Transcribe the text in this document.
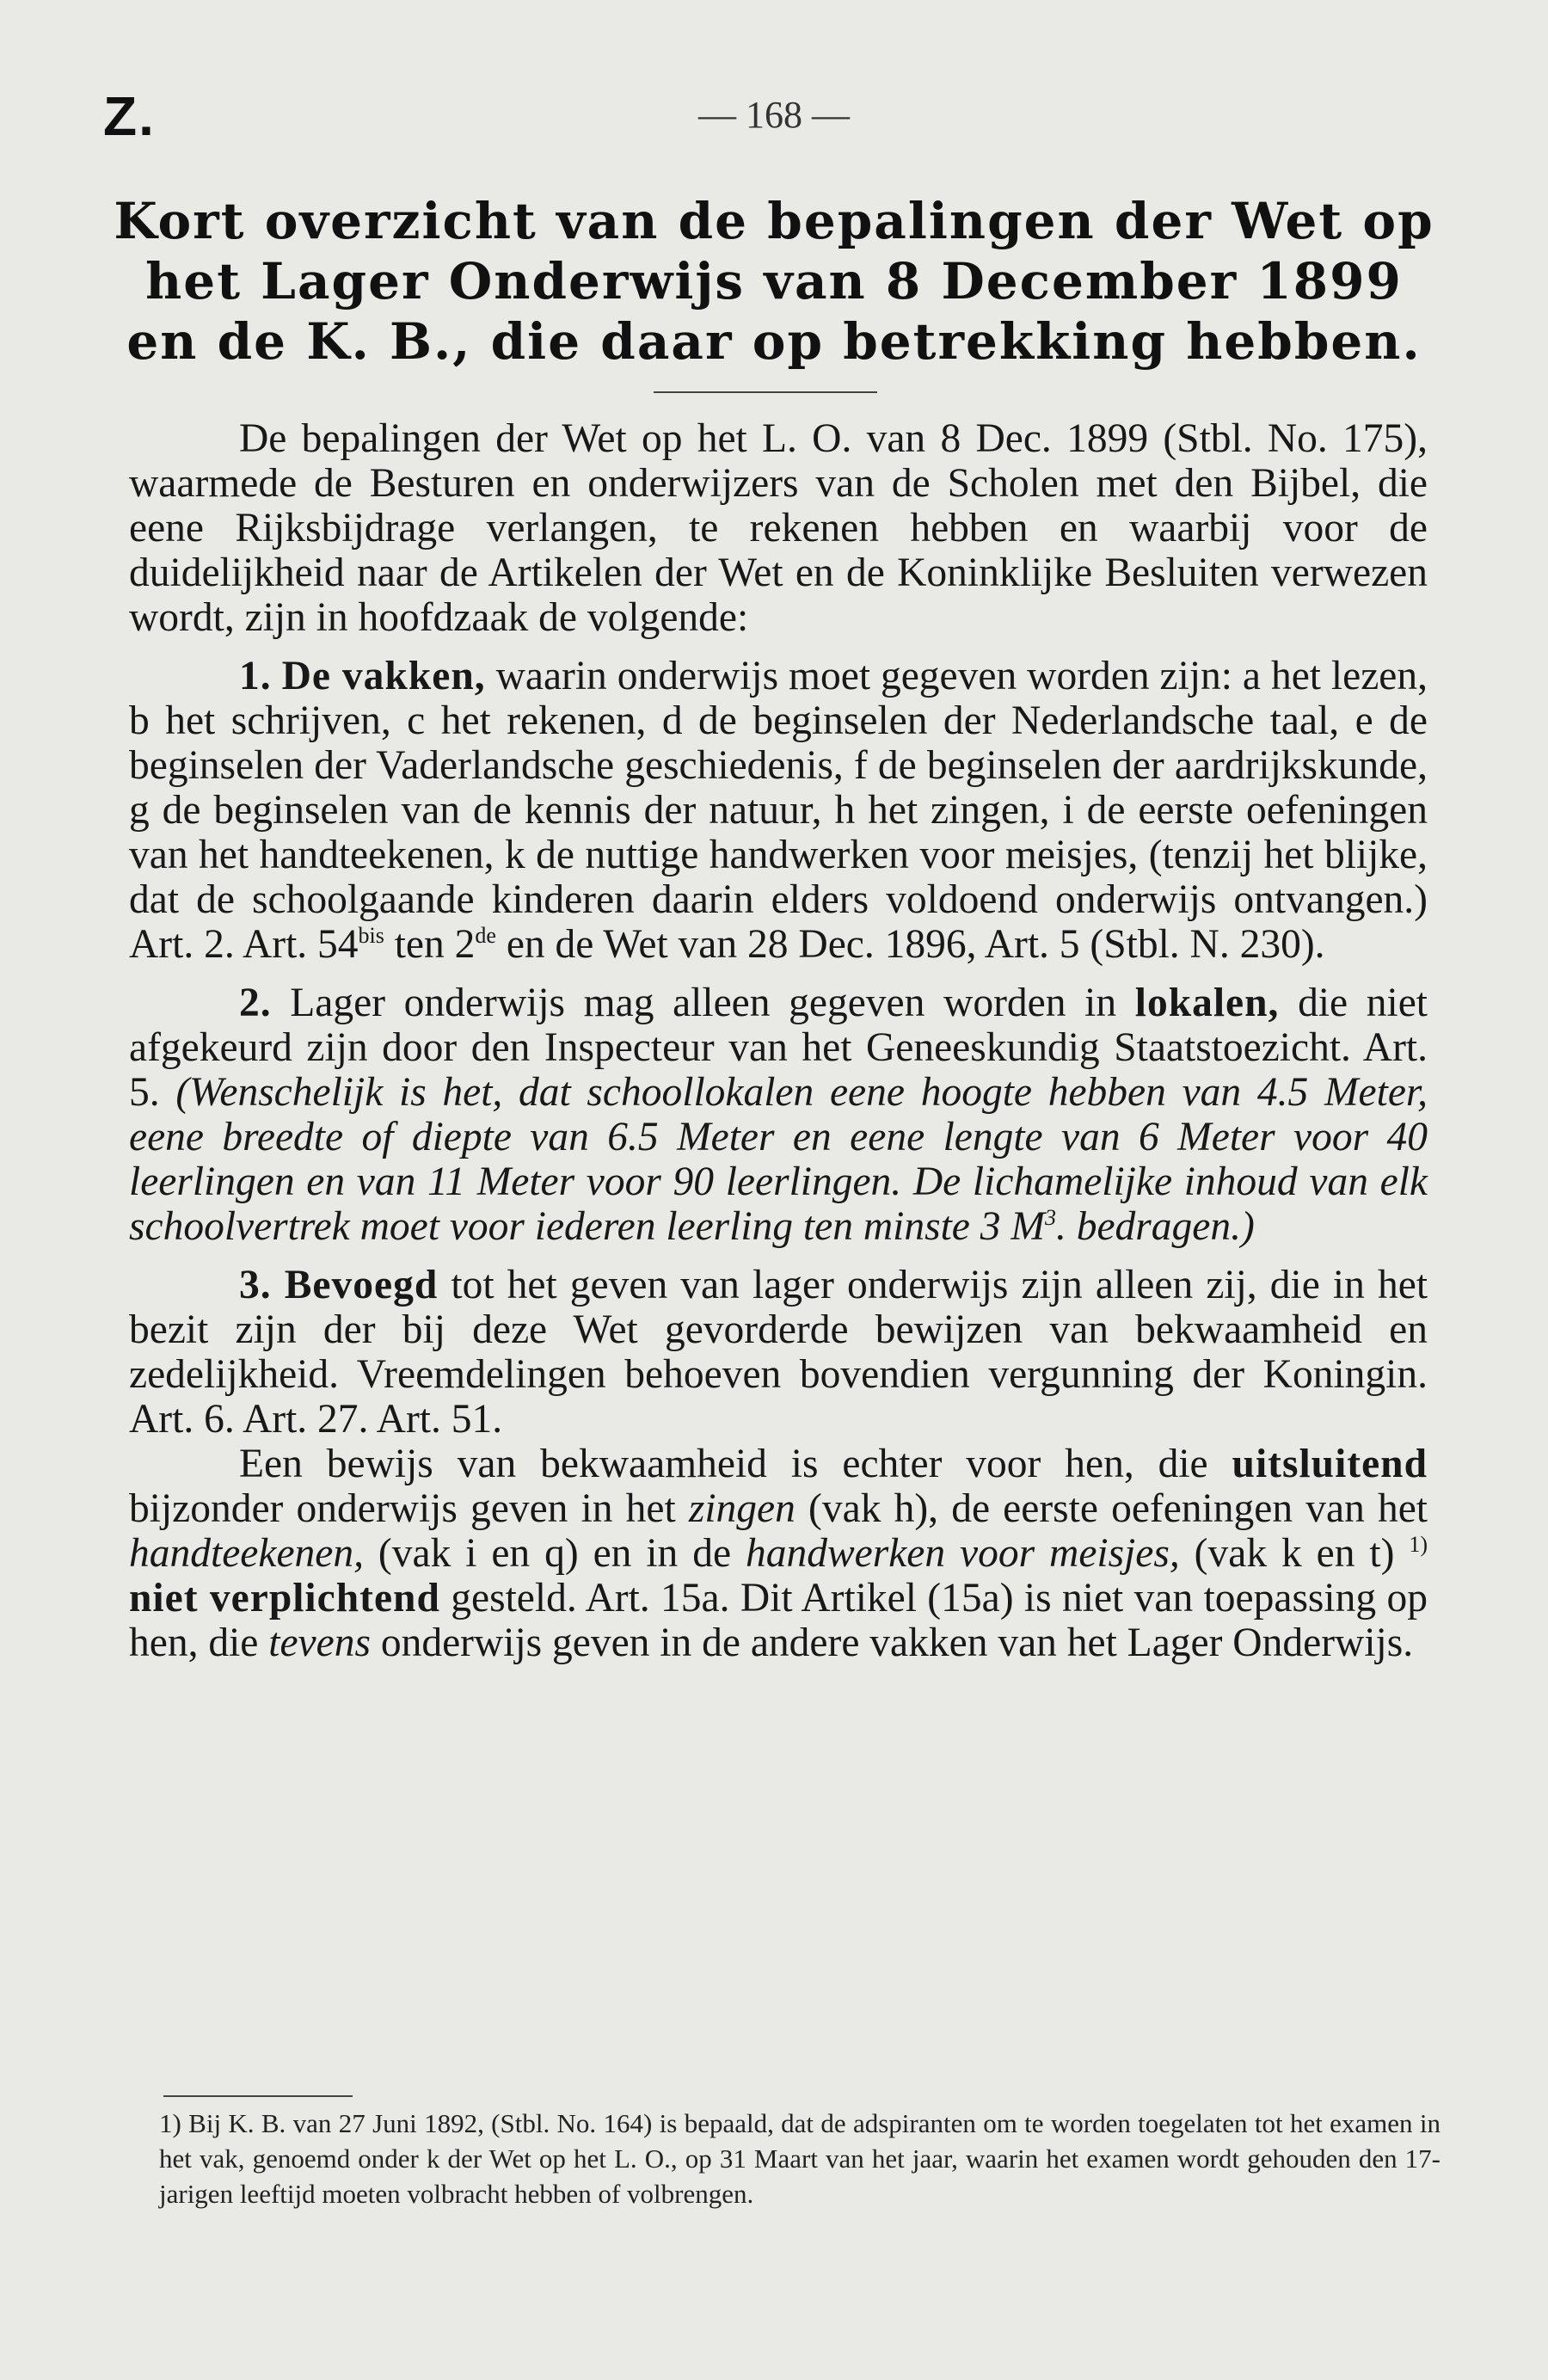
Z.	— 168 —
Kort overzicht van de bepalingen der Wet op het Lager Onderwijs van 8 December 1899 en de K. B., die daar op betrekking hebben.

De bepalingen der Wet op het L. O. van 8 Dec. 1899 (Stbl. No. 175), waarmede de Besturen en onderwijzers van de Scholen met den Bijbel, die eene Rijksbijdrage verlangen, te rekenen hebben en waarbij voor de duidelijkheid naar de Artikelen der Wet en de Koninklijke Besluiten verwezen wordt, zijn in hoofdzaak de volgende:

1. De vakken, waarin onderwijs moet gegeven worden zijn: a het lezen, b het schrijven, c het rekenen, d de beginselen der Nederlandsche taal, e de beginselen der Vaderlandsche geschiedenis, f de beginselen der aardrijkskunde, g de beginselen van de kennis der natuur, h het zingen, i de eerste oefeningen van het handteekenen, k de nuttige handwerken voor meisjes, (tenzij het blijke, dat de schoolgaande kinderen daarin elders voldoend onderwijs ontvangen.) Art. 2. Art. $54^{bis}$ ten 2de en de Wet van 28 Dec. 1896, Art. 5 (Stbl. N. 230).

2. Lager onderwijs mag alleen gegeven worden in lokalen, die niet afgekeurd zijn door den Inspecteur van het Geneeskundig Staatstoezicht. Art. 5. (Wenschelijk is het, dat schoollokalen eene hoogte hebben van 4.5 Meter, eene breedte of diepte van 6.5 Meter en eene lengte van 6 Meter voor 40 leerlingen en van 11 Meter voor 90 leerlingen. De lichamelijke inhoud van elk schoolvertrek moet voor iederen leerling ten minste 3 $M^3$. bedragen.)

3. Bevoegd tot het geven van lager onderwijs zijn alleen zij, die in het bezit zijn der bij deze Wet gevorderde bewijzen van bekwaamheid en zedelijkheid. Vreemdelingen behoeven bovendien vergunning der Koningin. Art. 6. Art. 27. Art. 51.

Een bewijs van bekwaamheid is echter voor hen, die uitsluitend bijzonder onderwijs geven in het zingen (vak h), de eerste oefeningen van het handteekenen, (vak i en q) en in de handwerken voor meisjes, (vak k en t) $^{1)}$ niet verplichtend gesteld. Art. 15a. Dit Artikel (15a) is niet van toepassing op hen, die tevens onderwijs geven in de andere vakken van het Lager Onderwijs.

1) Bij K. B. van 27 Juni 1892, (Stbl. No. 164) is bepaald, dat de adspiranten om te worden toegelaten tot het examen in het vak, genoemd onder k der Wet op het L. O., op 31 Maart van het jaar, waarin het examen wordt gehouden den 17-jarigen leeftijd moeten volbracht hebben of volbrengen.
